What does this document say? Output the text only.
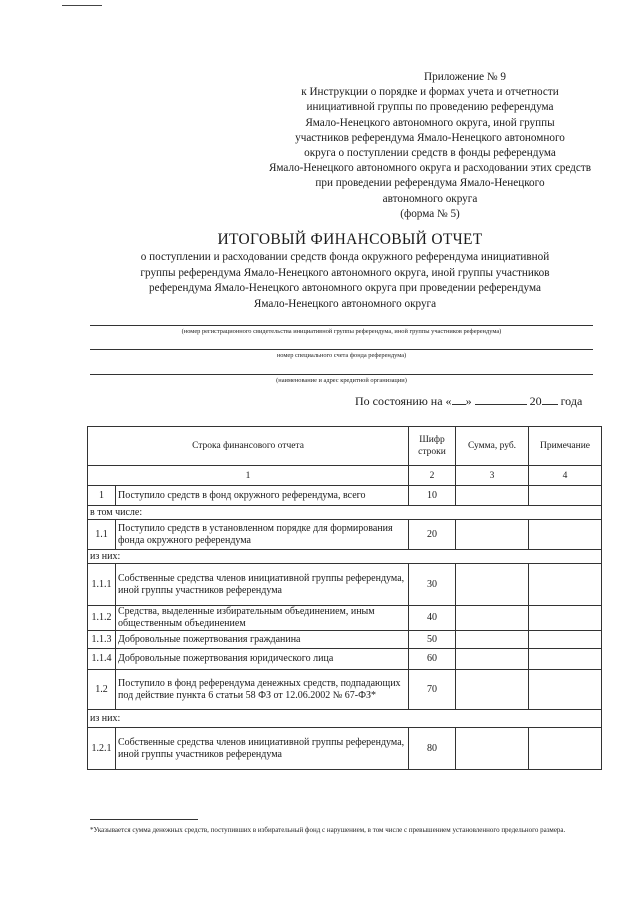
Приложение № 9
к Инструкции о порядке и формах учета и отчетности
инициативной группы по проведению референдума
Ямало-Ненецкого автономного округа, иной группы
участников референдума Ямало-Ненецкого автономного
округа о поступлении средств в фонды референдума
Ямало-Ненецкого автономного округа и расходовании этих средств
при проведении референдума Ямало-Ненецкого
автономного округа
(форма № 5)
ИТОГОВЫЙ ФИНАНСОВЫЙ ОТЧЕТ
о поступлении и расходовании средств фонда окружного референдума инициативной
группы референдума Ямало-Ненецкого автономного округа, иной группы участников
референдума Ямало-Ненецкого автономного округа при проведении референдума
Ямало-Ненецкого автономного округа
(номер регистрационного свидетельства инициативной группы референдума, иной группы участников референдума)
номер специального счета фонда референдума)
(наименование и адрес кредитной организации)
По состоянию на « »	20 года
Строка финансового отчета		Шифр строки	Сумма, руб.	Примечание
1		2	3	4
1	Поступило средств в фонд окружного референдума, всего	10		
в том числе:				
1.1	Поступило средств в установленном порядке для формирования фонда окружного референдума	20		
из них:				
1.1.1	Собственные средства членов инициативной группы референдума, иной группы участников референдума	30		
1.1.2	Средства, выделенные избирательным объединением, иным общественным объединением	40		
1.1.3	Добровольные пожертвования гражданина	50		
1.1.4	Добровольные пожертвования юридического лица	60		
1.2	Поступило в фонд референдума денежных средств, подпадающих под действие пункта 6 статьи 58 ФЗ от 12.06.2002 № 67-ФЗ*	70		
из них:				
1.2.1	Собственные средства членов инициативной группы референдума, иной группы участников референдума	80		
*Указывается сумма денежных средств, поступивших в избирательный фонд с нарушением, в том числе с превышением установленного предельного размера.
